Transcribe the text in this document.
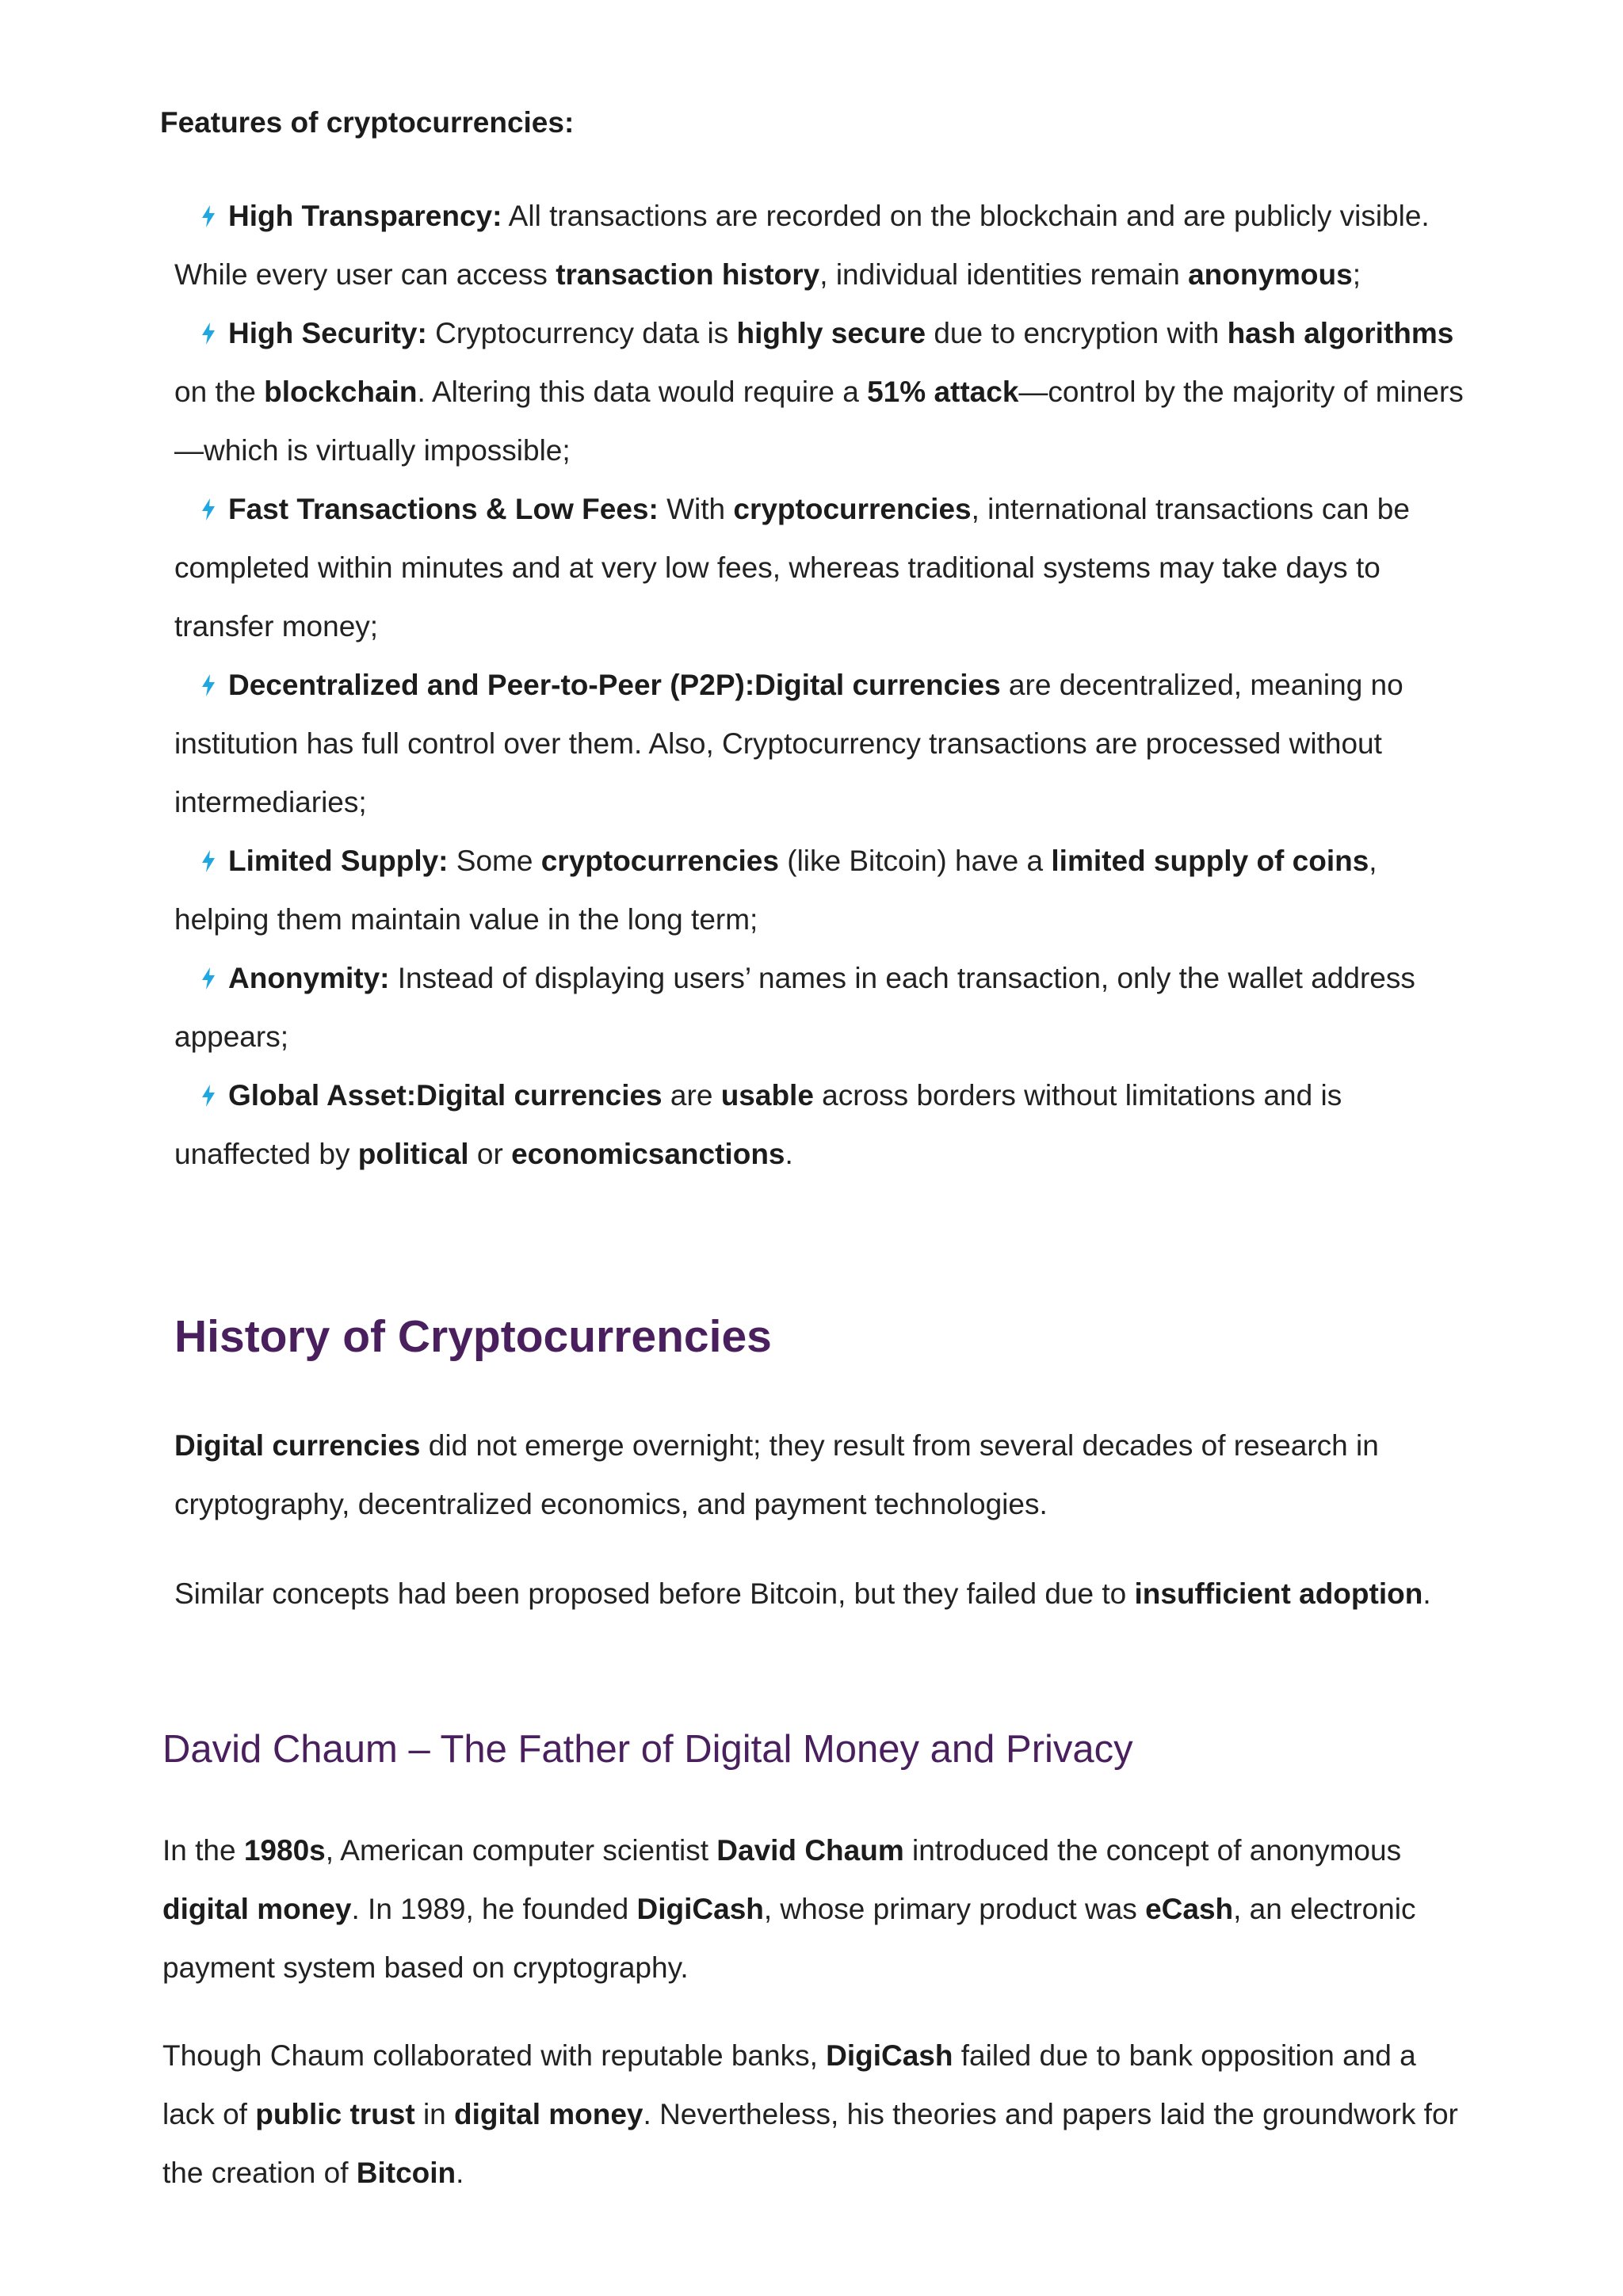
Features of cryptocurrencies:
High Transparency: All transactions are recorded on the blockchain and are publicly visible. While every user can access transaction history, individual identities remain anonymous;
High Security: Cryptocurrency data is highly secure due to encryption with hash algorithms on the blockchain. Altering this data would require a 51% attack—control by the majority of miners—which is virtually impossible;
Fast Transactions & Low Fees: With cryptocurrencies, international transactions can be completed within minutes and at very low fees, whereas traditional systems may take days to transfer money;
Decentralized and Peer-to-Peer (P2P):Digital currencies are decentralized, meaning no institution has full control over them. Also, Cryptocurrency transactions are processed without intermediaries;
Limited Supply: Some cryptocurrencies (like Bitcoin) have a limited supply of coins, helping them maintain value in the long term;
Anonymity: Instead of displaying users’ names in each transaction, only the wallet address appears;
Global Asset:Digital currencies are usable across borders without limitations and is unaffected by political or economicsanctions.
History of Cryptocurrencies

Digital currencies did not emerge overnight; they result from several decades of research in cryptography, decentralized economics, and payment technologies.

Similar concepts had been proposed before Bitcoin, but they failed due to insufficient adoption.

David Chaum – The Father of Digital Money and Privacy

In the 1980s, American computer scientist David Chaum introduced the concept of anonymous digital money. In 1989, he founded DigiCash, whose primary product was eCash, an electronic payment system based on cryptography.

Though Chaum collaborated with reputable banks, DigiCash failed due to bank opposition and a lack of public trust in digital money. Nevertheless, his theories and papers laid the groundwork for the creation of Bitcoin.
